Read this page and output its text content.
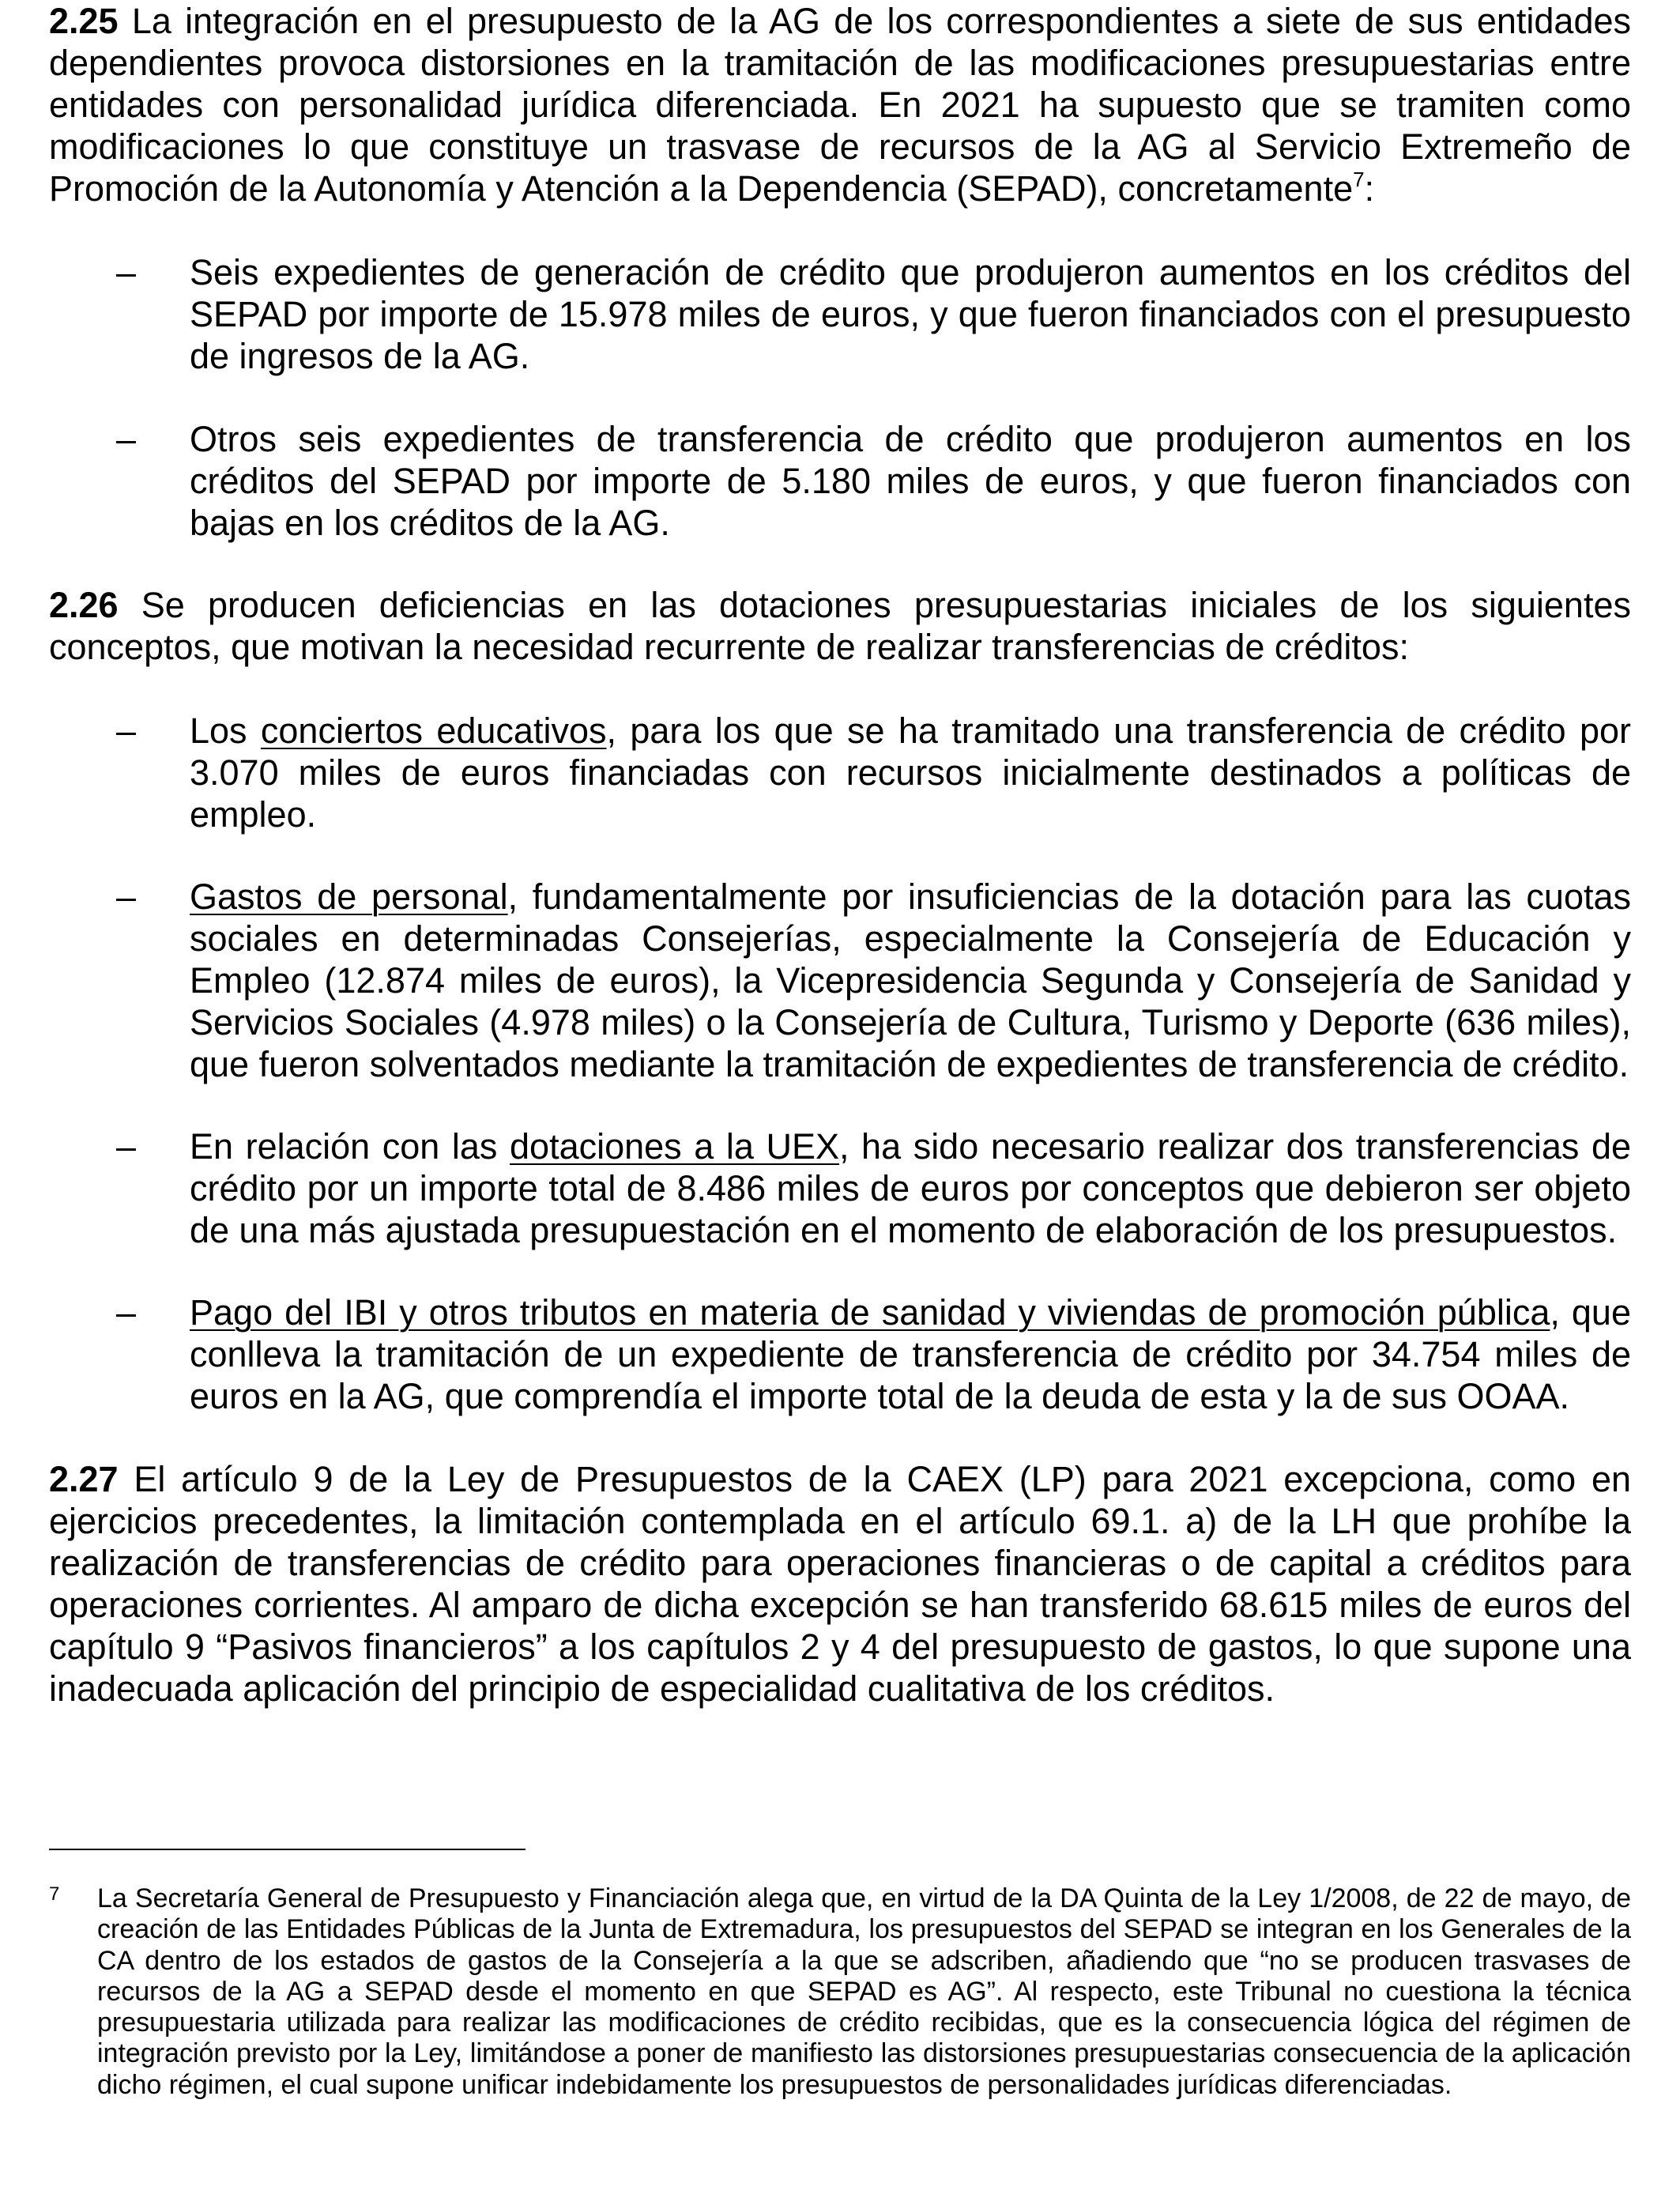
2.25 La integración en el presupuesto de la AG de los correspondientes a siete de sus entidades dependientes provoca distorsiones en la tramitación de las modificaciones presupuestarias entre entidades con personalidad jurídica diferenciada. En 2021 ha supuesto que se tramiten como modificaciones lo que constituye un trasvase de recursos de la AG al Servicio Extremeño de Promoción de la Autonomía y Atención a la Dependencia (SEPAD), concretamente$^7$:

– Seis expedientes de generación de crédito que produjeron aumentos en los créditos del SEPAD por importe de 15.978 miles de euros, y que fueron financiados con el presupuesto de ingresos de la AG.

– Otros seis expedientes de transferencia de crédito que produjeron aumentos en los créditos del SEPAD por importe de 5.180 miles de euros, y que fueron financiados con bajas en los créditos de la AG.

2.26 Se producen deficiencias en las dotaciones presupuestarias iniciales de los siguientes conceptos, que motivan la necesidad recurrente de realizar transferencias de créditos:

– Los conciertos educativos, para los que se ha tramitado una transferencia de crédito por 3.070 miles de euros financiadas con recursos inicialmente destinados a políticas de empleo.

– Gastos de personal, fundamentalmente por insuficiencias de la dotación para las cuotas sociales en determinadas Consejerías, especialmente la Consejería de Educación y Empleo (12.874 miles de euros), la Vicepresidencia Segunda y Consejería de Sanidad y Servicios Sociales (4.978 miles) o la Consejería de Cultura, Turismo y Deporte (636 miles), que fueron solventados mediante la tramitación de expedientes de transferencia de crédito.

– En relación con las dotaciones a la UEX, ha sido necesario realizar dos transferencias de crédito por un importe total de 8.486 miles de euros por conceptos que debieron ser objeto de una más ajustada presupuestación en el momento de elaboración de los presupuestos.

– Pago del IBI y otros tributos en materia de sanidad y viviendas de promoción pública, que conlleva la tramitación de un expediente de transferencia de crédito por 34.754 miles de euros en la AG, que comprendía el importe total de la deuda de esta y la de sus OOAA.

2.27 El artículo 9 de la Ley de Presupuestos de la CAEX (LP) para 2021 excepciona, como en ejercicios precedentes, la limitación contemplada en el artículo 69.1. a) de la LH que prohíbe la realización de transferencias de crédito para operaciones financieras o de capital a créditos para operaciones corrientes. Al amparo de dicha excepción se han transferido 68.615 miles de euros del capítulo 9 “Pasivos financieros” a los capítulos 2 y 4 del presupuesto de gastos, lo que supone una inadecuada aplicación del principio de especialidad cualitativa de los créditos.

7 La Secretaría General de Presupuesto y Financiación alega que, en virtud de la DA Quinta de la Ley 1/2008, de 22 de mayo, de creación de las Entidades Públicas de la Junta de Extremadura, los presupuestos del SEPAD se integran en los Generales de la CA dentro de los estados de gastos de la Consejería a la que se adscriben, añadiendo que “no se producen trasvases de recursos de la AG a SEPAD desde el momento en que SEPAD es AG”. Al respecto, este Tribunal no cuestiona la técnica presupuestaria utilizada para realizar las modificaciones de crédito recibidas, que es la consecuencia lógica del régimen de integración previsto por la Ley, limitándose a poner de manifiesto las distorsiones presupuestarias consecuencia de la aplicación dicho régimen, el cual supone unificar indebidamente los presupuestos de personalidades jurídicas diferenciadas.
